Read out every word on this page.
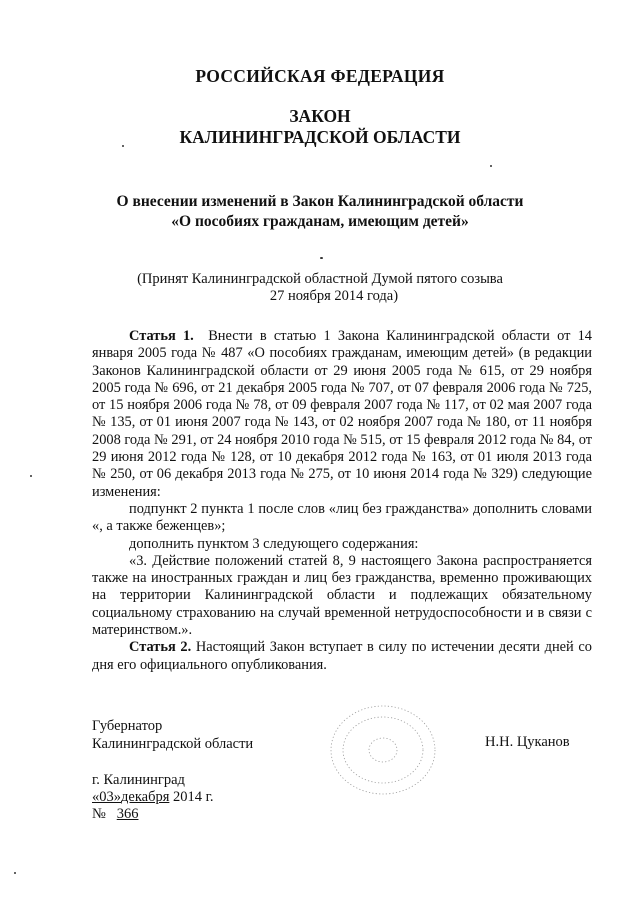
РОССИЙСКАЯ ФЕДЕРАЦИЯ
ЗАКОН
КАЛИНИНГРАДСКОЙ ОБЛАСТИ
О внесении изменений в Закон Калининградской области
«О пособиях гражданам, имеющим детей»
(Принят Калининградской областной Думой пятого созыва
27 ноября 2014 года)

Статья 1. Внести в статью 1 Закона Калининградской области от 14 января 2005 года № 487 «О пособиях гражданам, имеющим детей» (в редакции Законов Калининградской области от 29 июня 2005 года № 615, от 29 ноября 2005 года № 696, от 21 декабря 2005 года № 707, от 07 февраля 2006 года № 725, от 15 ноября 2006 года № 78, от 09 февраля 2007 года № 117, от 02 мая 2007 года № 135, от 01 июня 2007 года № 143, от 02 ноября 2007 года № 180, от 11 ноября 2008 года № 291, от 24 ноября 2010 года № 515, от 15 февраля 2012 года № 84, от 29 июня 2012 года № 128, от 10 декабря 2012 года № 163, от 01 июля 2013 года № 250, от 06 декабря 2013 года № 275, от 10 июня 2014 года № 329) следующие изменения:

подпункт 2 пункта 1 после слов «лиц без гражданства» дополнить словами «, а также беженцев»;

дополнить пунктом 3 следующего содержания:

«3. Действие положений статей 8, 9 настоящего Закона распространяется также на иностранных граждан и лиц без гражданства, временно проживающих на территории Калининградской области и подлежащих обязательному социальному страхованию на случай временной нетрудоспособности и в связи с материнством.».

Статья 2. Настоящий Закон вступает в силу по истечении десяти дней со дня его официального опубликования.

Губернатор
Калининградской области	Н.Н. Цуканов
г. Калининград
«03»декабря 2014 г.
№ 366
